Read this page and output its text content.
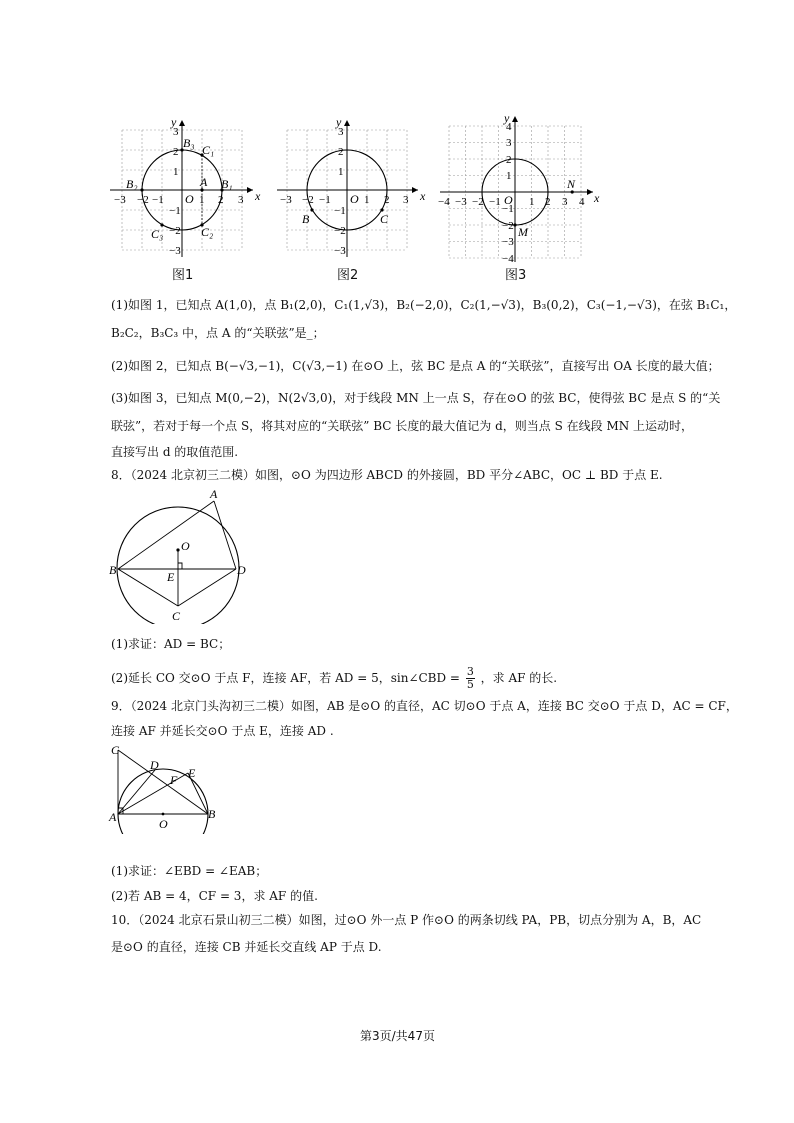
x
y
−3 −2 −1	1 2 3
3
2
1
−1
−2
−3
O
A B₁
B₂
B₃ C₁
C₂
C₃
图1
x
y
−3 −2 −1	1 2 3
3
2
1
−1
−2
−3
O
B	C
图2
x
y
−4 −3 −2 −1	1 2 3 4
4
3
2
1
−1
−2
−3
−4
O
N
M
图3
(1)如图 1，已知点 A(1,0)，点 B₁(2,0)，C₁(1,√3)，B₂(−2,0)，C₂(1,−√3)，B₃(0,2)，C₃(−1,−√3)，在弦 B₁C₁，
B₂C₂，B₃C₃ 中，点 A 的“关联弦”是_；
(2)如图 2，已知点 B(−√3,−1)，C(√3,−1) 在⊙O 上，弦 BC 是点 A 的“关联弦”，直接写出 OA 长度的最大值；
(3)如图 3，已知点 M(0,−2)，N(2√3,0)，对于线段 MN 上一点 S，存在⊙O 的弦 BC，使得弦 BC 是点 S 的“关
联弦”，若对于每一个点 S，将其对应的“关联弦” BC 长度的最大值记为 d，则当点 S 在线段 MN 上运动时，
直接写出 d 的取值范围.
8．（2024 北京初三二模）如图，⊙O 为四边形 ABCD 的外接圆，BD 平分∠ABC，OC ⊥ BD 于点 E.
A
B
C
D
O
E
(1)求证：AD = BC；
(2)延长 CO 交⊙O 于点 F，连接 AF，若 AD = 5，sin∠CBD = $\frac{3}{5}$ ，求 AF 的长.
9．（2024 北京门头沟初三二模）如图，AB 是⊙O 的直径，AC 切⊙O 于点 A，连接 BC 交⊙O 于点 D，AC = CF，
连接 AF 并延长交⊙O 于点 E，连接 AD .
C
D
F E
A	O
B
(1)求证：∠EBD = ∠EAB；
(2)若 AB = 4，CF = 3，求 AF 的值.
10．（2024 北京石景山初三二模）如图，过⊙O 外一点 P 作⊙O 的两条切线 PA，PB，切点分别为 A，B，AC
是⊙O 的直径，连接 CB 并延长交直线 AP 于点 D.
第3页/共47页
